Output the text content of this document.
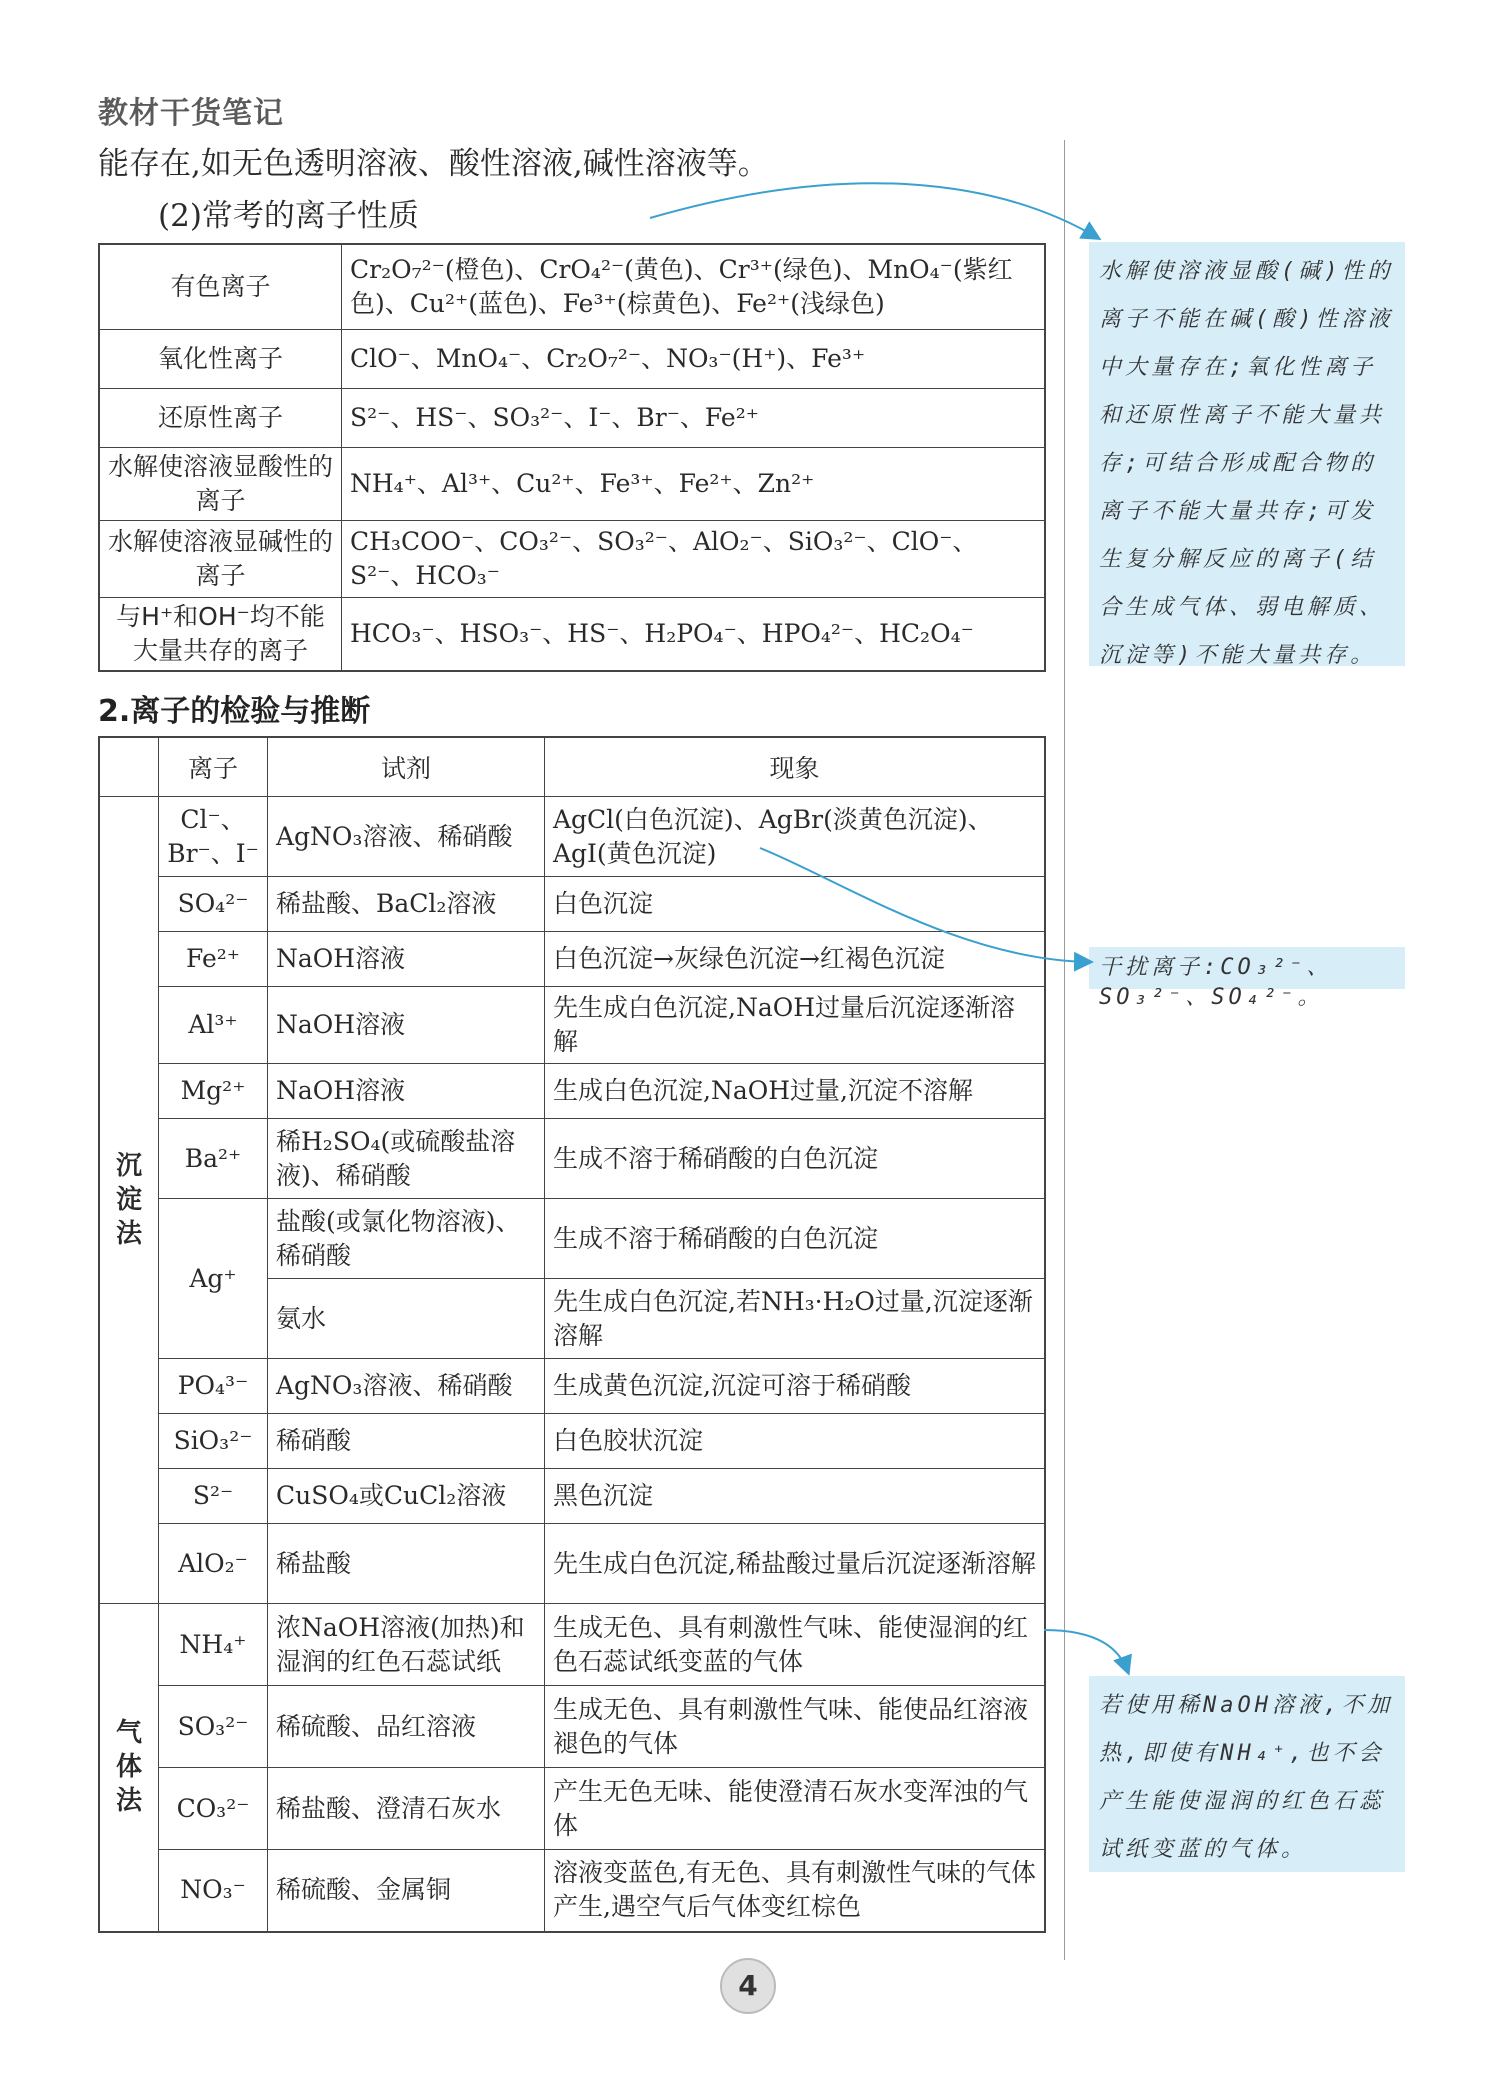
教材干货笔记
能存在,如无色透明溶液、酸性溶液,碱性溶液等。
(2)常考的离子性质
有色离子	Cr₂O₇²⁻(橙色)、CrO₄²⁻(黄色)、Cr³⁺(绿色)、MnO₄⁻(紫红色)、Cu²⁺(蓝色)、Fe³⁺(棕黄色)、Fe²⁺(浅绿色)
氧化性离子	ClO⁻、MnO₄⁻、Cr₂O₇²⁻、NO₃⁻(H⁺)、Fe³⁺
还原性离子	S²⁻、HS⁻、SO₃²⁻、I⁻、Br⁻、Fe²⁺
水解使溶液显酸性的离子	NH₄⁺、Al³⁺、Cu²⁺、Fe³⁺、Fe²⁺、Zn²⁺
水解使溶液显碱性的离子	CH₃COO⁻、CO₃²⁻、SO₃²⁻、AlO₂⁻、SiO₃²⁻、ClO⁻、S²⁻、HCO₃⁻
与H⁺和OH⁻均不能大量共存的离子	HCO₃⁻、HSO₃⁻、HS⁻、H₂PO₄⁻、HPO₄²⁻、HC₂O₄⁻
2.离子的检验与推断
	离子	试剂	现象
沉淀法	Cl⁻、Br⁻、I⁻	AgNO₃溶液、稀硝酸	AgCl(白色沉淀)、AgBr(淡黄色沉淀)、AgI(黄色沉淀)
	SO₄²⁻	稀盐酸、BaCl₂溶液	白色沉淀
	Fe²⁺	NaOH溶液	白色沉淀→灰绿色沉淀→红褐色沉淀
	Al³⁺	NaOH溶液	先生成白色沉淀,NaOH过量后沉淀逐渐溶解
	Mg²⁺	NaOH溶液	生成白色沉淀,NaOH过量,沉淀不溶解
	Ba²⁺	稀H₂SO₄(或硫酸盐溶液)、稀硝酸	生成不溶于稀硝酸的白色沉淀
	Ag⁺	盐酸(或氯化物溶液)、稀硝酸	生成不溶于稀硝酸的白色沉淀
		氨水	先生成白色沉淀,若NH₃·H₂O过量,沉淀逐渐溶解
	PO₄³⁻	AgNO₃溶液、稀硝酸	生成黄色沉淀,沉淀可溶于稀硝酸
	SiO₃²⁻	稀硝酸	白色胶状沉淀
	S²⁻	CuSO₄或CuCl₂溶液	黑色沉淀
	AlO₂⁻	稀盐酸	先生成白色沉淀,稀盐酸过量后沉淀逐渐溶解
气体法	NH₄⁺	浓NaOH溶液(加热)和湿润的红色石蕊试纸	生成无色、具有刺激性气味、能使湿润的红色石蕊试纸变蓝的气体
	SO₃²⁻	稀硫酸、品红溶液	生成无色、具有刺激性气味、能使品红溶液褪色的气体
	CO₃²⁻	稀盐酸、澄清石灰水	产生无色无味、能使澄清石灰水变浑浊的气体
	NO₃⁻	稀硫酸、金属铜	溶液变蓝色,有无色、具有刺激性气味的气体产生,遇空气后气体变红棕色
水解使溶液显酸(碱)性的离子不能在碱(酸)性溶液中大量存在;氧化性离子和还原性离子不能大量共存;可结合形成配合物的离子不能大量共存;可发生复分解反应的离子(结合生成气体、弱电解质、沉淀等)不能大量共存。
干扰离子:CO₃²⁻、SO₃²⁻、SO₄²⁻。
若使用稀NaOH溶液,不加热,即使有NH₄⁺,也不会产生能使湿润的红色石蕊试纸变蓝的气体。
4
